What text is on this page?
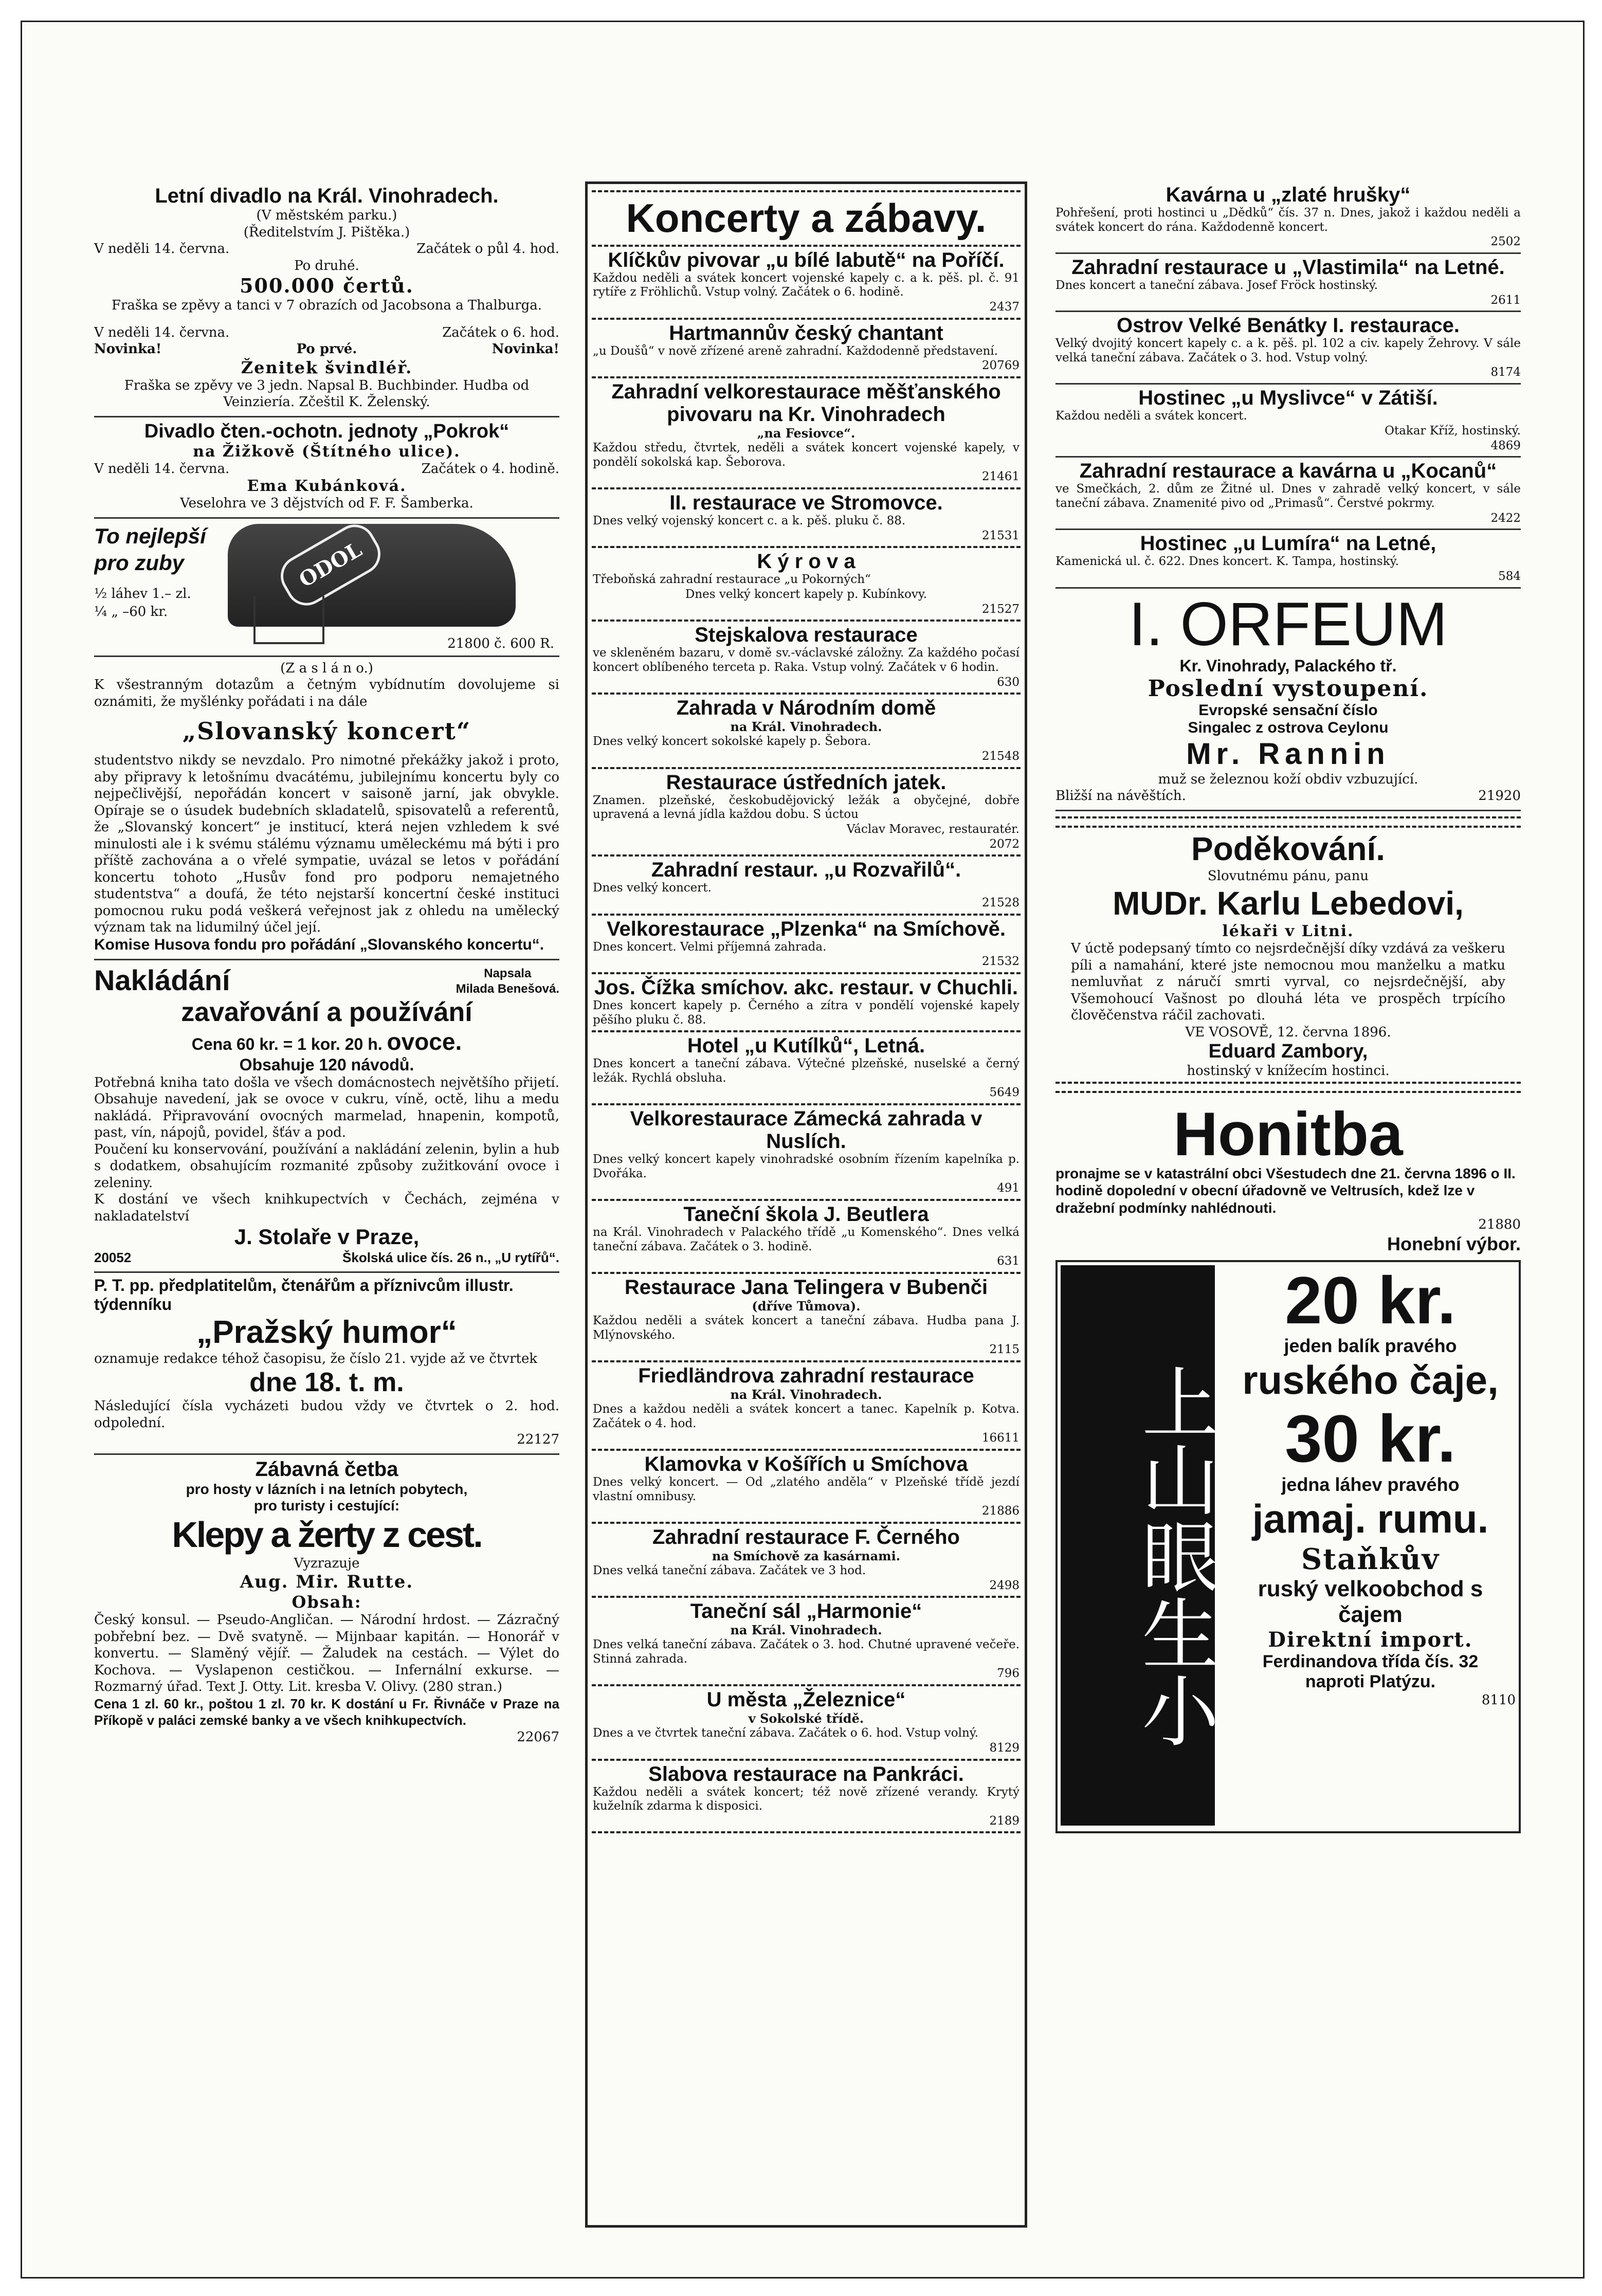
Letní divadlo na Král. Vinohradech.
(V městském parku.)
(Ředitelstvím J. Pištěka.)
V neděli 14. června.	Začátek o půl 4. hod.
Po druhé.
500.000 čertů.
Fraška se zpěvy a tanci v 7 obrazích od Jacobsona a Thalburga.
V neděli 14. června.	Začátek o 6. hod.
Novinka!	Po prvé.	Novinka!
Ženitek švindléř.
Fraška se zpěvy ve 3 jedn. Napsal B. Buchbinder. Hudba od Veinziería. Zčeštil K. Želenský.
Divadlo čten.-ochotn. jednoty „Pokrok“
na Žižkově (Štítného ulice).
V neděli 14. června.	Začátek o 4. hodině.
Ema Kubánková.
Veselohra ve 3 dějstvích od F. F. Šamberka.
To nejlepší
pro zuby
½ láhev 1.– zl.
¼ „ –60 kr.
ODOL
21800 č. 600 R.
(Z a s l á n o.)
K všestranným dotazům a četným vybídnutím dovolujeme si oznámiti, že myšlénky pořádati i na dále
„Slovanský koncert“
studentstvo nikdy se nevzdalo. Pro nimotné překážky jakož i proto, aby připravy k letošnímu dvacátému, jubilejnímu koncertu byly co nejpečlivější, nepořádán koncert v saisoně jarní, jak obvykle. Opíraje se o úsudek budebních skladatelů, spisovatelů a referentů, že „Slovanský koncert“ je institucí, která nejen vzhledem k své minulosti ale i k svému stálému významu uměleckému má býti i pro příště zachována a o vřelé sympatie, uvázal se letos v pořádání koncertu tohoto „Husův fond pro podporu nemajetného studentstva“ a doufá, že této nejstarší koncertní české instituci pomocnou ruku podá veškerá veřejnost jak z ohledu na umělecký význam tak na lidumilný účel její.
Komise Husova fondu pro pořádání „Slovanského koncertu“.
Nakládání	Napsala
Milada Benešová.
zavařování a používání
Cena 60 kr. = 1 kor. 20 h. ovoce.
Obsahuje 120 návodů.
Potřebná kniha tato došla ve všech domácnostech největšího přijetí. Obsahuje navedení, jak se ovoce v cukru, víně, octě, lihu a medu nakládá. Připravování ovocných marmelad, hnapenin, kompotů, past, vín, nápojů, povidel, šťáv a pod.
Poučení ku konservování, používání a nakládání zelenin, bylin a hub s dodatkem, obsahujícím rozmanité způsoby zužitkování ovoce i zeleniny.
K dostání ve všech knihkupectvích v Čechách, zejména v nakladatelství
J. Stolaře v Praze,
20052	Školská ulice čís. 26 n., „U rytířů“.
P. T. pp. předplatitelům, čtenářům a příznivcům illustr. týdenníku
„Pražský humor“
oznamuje redakce téhož časopisu, že číslo 21. vyjde až ve čtvrtek
dne 18. t. m.
Následující čísla vycházeti budou vždy ve čtvrtek o 2. hod. odpolední.
22127
Zábavná četba
pro hosty v lázních i na letních pobytech,
pro turisty i cestující:
Klepy a žerty z cest.
Vyzrazuje
Aug. Mir. Rutte.
Obsah:
Český konsul. — Pseudo-Angličan. — Národní hrdost. — Zázračný pobřební bez. — Dvě svatyně. — Mijnbaar kapitán. — Honorář v konvertu. — Slaměný vějíř. — Žaludek na cestách. — Výlet do Kochova. — Vyslapenon cestičkou. — Infernální exkurse. — Rozmarný úřad. Text J. Otty. Lit. kresba V. Olivy. (280 stran.)
Cena 1 zl. 60 kr., poštou 1 zl. 70 kr. K dostání u Fr. Řivnáče v Praze na Příkopě v paláci zemské banky a ve všech knihkupectvích.
22067
Koncerty a zábavy.
Klíčkův pivovar „u bílé labutě“ na Poříčí.
Každou neděli a svátek koncert vojenské kapely c. a k. pěš. pl. č. 91 rytíře z Fröhlichů. Vstup volný. Začátek o 6. hodině.
2437
Hartmannův český chantant
„u Doušů“ v nově zřízené areně zahradní. Každodenně představení.
20769
Zahradní velkorestaurace měšťanského pivovaru na Kr. Vinohradech
„na Fesiovce“.
Každou středu, čtvrtek, neděli a svátek koncert vojenské kapely, v pondělí sokolská kap. Šeborova.
21461
II. restaurace ve Stromovce.
Dnes velký vojenský koncert c. a k. pěš. pluku č. 88.
21531
K ý r o v a
Třeboňská zahradní restaurace „u Pokorných“
Dnes velký koncert kapely p. Kubínkovy.
21527
Stejskalova restaurace
ve skleněném bazaru, v domě sv.-václavské záložny. Za každého počasí koncert oblíbeného terceta p. Raka. Vstup volný. Začátek v 6 hodin.
630
Zahrada v Národním domě
na Král. Vinohradech.
Dnes velký koncert sokolské kapely p. Šebora.
21548
Restaurace ústředních jatek.
Znamen. plzeňské, českobudějovický ležák a obyčejné, dobře upravená a levná jídla každou dobu. S úctou
Václav Moravec, restauratér.
2072
Zahradní restaur. „u Rozvařilů“.
Dnes velký koncert.
21528
Velkorestaurace „Plzenka“ na Smíchově.
Dnes koncert. Velmi příjemná zahrada.
21532
Jos. Čížka smíchov. akc. restaur. v Chuchli.
Dnes koncert kapely p. Černého a zítra v pondělí vojenské kapely pěšího pluku č. 88.
Hotel „u Kutílků“, Letná.
Dnes koncert a taneční zábava. Výtečné plzeňské, nuselské a černý ležák. Rychlá obsluha.
5649
Velkorestaurace Zámecká zahrada v Nuslích.
Dnes velký koncert kapely vinohradské osobním řízením kapelníka p. Dvořáka.
491
Taneční škola J. Beutlera
na Král. Vinohradech v Palackého třídě „u Komenského“. Dnes velká taneční zábava. Začátek o 3. hodině.
631
Restaurace Jana Telingera v Bubenči
(dříve Tůmova).
Každou neděli a svátek koncert a taneční zábava. Hudba pana J. Mlýnovského.
2115
Friedländrova zahradní restaurace
na Král. Vinohradech.
Dnes a každou neděli a svátek koncert a tanec. Kapelník p. Kotva. Začátek o 4. hod.
16611
Klamovka v Košířích u Smíchova
Dnes velký koncert. — Od „zlatého anděla“ v Plzeňské třídě jezdí vlastní omnibusy.
21886
Zahradní restaurace F. Černého
na Smíchově za kasárnami.
Dnes velká taneční zábava. Začátek ve 3 hod.
2498
Taneční sál „Harmonie“
na Král. Vinohradech.
Dnes velká taneční zábava. Začátek o 3. hod. Chutné upravené večeře. Stinná zahrada.
796
U města „Železnice“
v Sokolské třídě.
Dnes a ve čtvrtek taneční zábava. Začátek o 6. hod. Vstup volný.
8129
Slabova restaurace na Pankráci.
Každou neděli a svátek koncert; též nově zřízené verandy. Krytý kuželník zdarma k disposici.
2189
Kavárna u „zlaté hrušky“
Pohřešení, proti hostinci u „Dědků“ čís. 37 n. Dnes, jakož i každou neděli a svátek koncert do rána. Každodenně koncert.
2502
Zahradní restaurace u „Vlastimila“ na Letné.
Dnes koncert a taneční zábava. Josef Fröck hostinský.
2611
Ostrov Velké Benátky I. restaurace.
Velký dvojitý koncert kapely c. a k. pěš. pl. 102 a civ. kapely Žehrovy. V sále velká taneční zábava. Začátek o 3. hod. Vstup volný.
8174
Hostinec „u Myslivce“ v Zátiší.
Každou neděli a svátek koncert.
Otakar Kříž, hostinský.
4869
Zahradní restaurace a kavárna u „Kocanů“
ve Smečkách, 2. dům ze Žitné ul. Dnes v zahradě velký koncert, v sále taneční zábava. Znamenité pivo od „Primasů“. Čerstvé pokrmy.
2422
Hostinec „u Lumíra“ na Letné,
Kamenická ul. č. 622. Dnes koncert. K. Tampa, hostinský.
584
I. ORFEUM
Kr. Vinohrady, Palackého tř.
Poslední vystoupení.
Evropské sensační číslo
Singalec z ostrova Ceylonu
Mr. Rannin
muž se železnou koží obdiv vzbuzující.
Bližší na návěštích.	21920
Poděkování.
Slovutnému pánu, panu
MUDr. Karlu Lebedovi,
lékaři v Litni.
V úctě podepsaný tímto co nejsrdečnější díky vzdává za veškeru píli a namahání, které jste nemocnou mou manželku a matku nemluvňat z náručí smrti vyrval, co nejsrdečnější, aby Všemohoucí Vašnost po dlouhá léta ve prospěch trpícího člověčenstva ráčil zachovati.
VE VOSOVĚ, 12. června 1896.
Eduard Zambory,
hostinský v knížecím hostinci.
Honitba
pronajme se v katastrální obci Všestudech dne 21. června 1896 o II. hodině dopolední v obecní úřadovně ve Veltrusích, kdež lze v dražební podmínky nahlédnouti.
21880
Honební výbor.
上山眼生小
20 kr.
jeden balík pravého
ruského čaje,
30 kr.
jedna láhev pravého
jamaj. rumu.
Staňkův
ruský velkoobchod s čajem
Direktní import.
Ferdinandova třída čís. 32
naproti Platýzu.
8110
